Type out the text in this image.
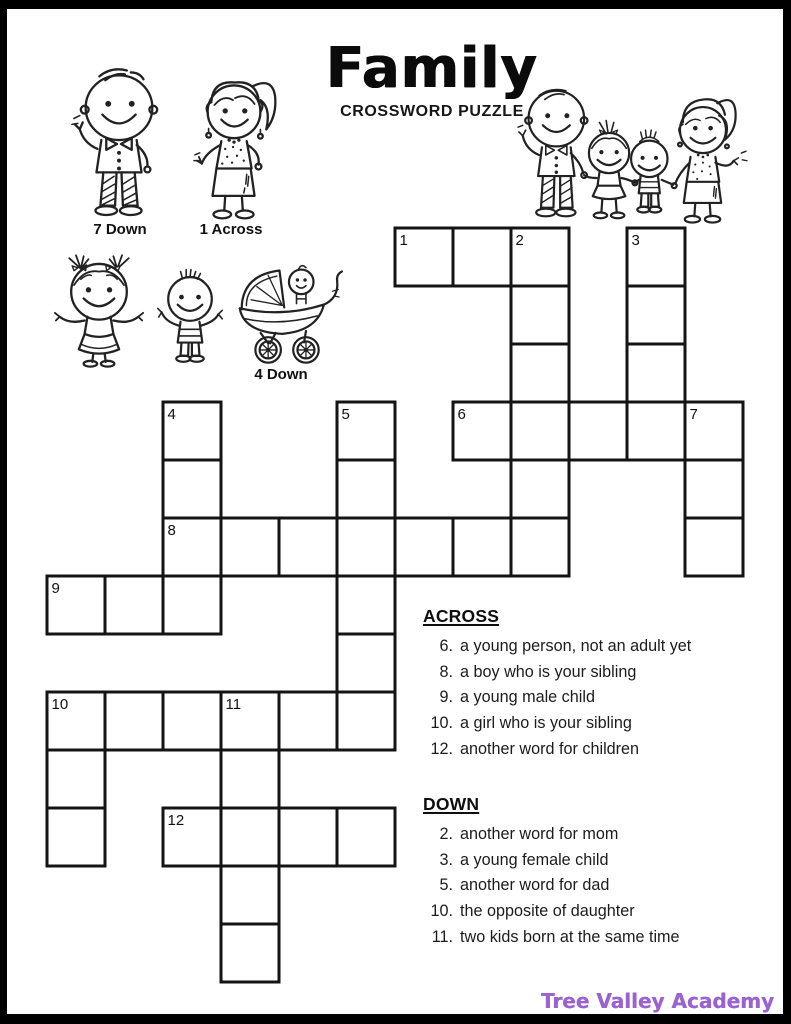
Family
CROSSWORD PUZZLE
1	2	3
4	5	6	7
8
9
10	11
12
7 Down	1 Across
4 Down
ACROSS
6. a young person, not an adult yet
8. a boy who is your sibling
9. a young male child
10. a girl who is your sibling
12. another word for children
DOWN
2. another word for mom
3. a young female child
5. another word for dad
10. the opposite of daughter
11. two kids born at the same time
Tree Valley Academy
